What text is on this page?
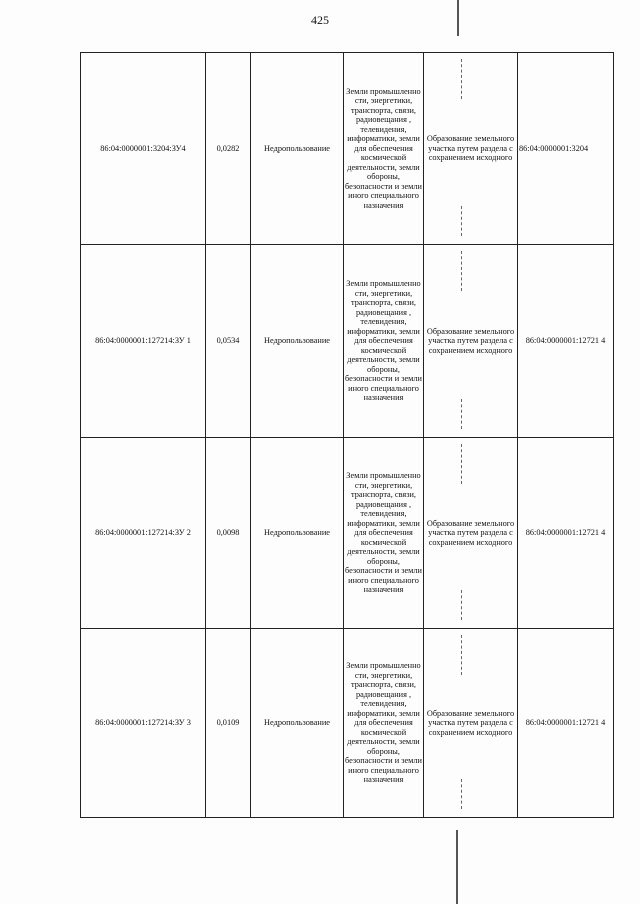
425
86:04:0000001:3204:ЗУ4	0,0282	Недропользование	Земли промышленно сти, энергетики, транспорта, связи, радиовещания , телевидения, информатики, земли для обеспечения космической деятельности, земли обороны, безопасности и земли иного специального назначения	Образование земельного участка путем раздела с сохранением исходного	86:04:0000001:3204
86:04:0000001:127214:ЗУ 1	0,0534	Недропользование	Земли промышленно сти, энергетики, транспорта, связи, радиовещания , телевидения, информатики, земли для обеспечения космической деятельности, земли обороны, безопасности и земли иного специального назначения	Образование земельного участка путем раздела с сохранением исходного	86:04:0000001:12721 4
86:04:0000001:127214:ЗУ 2	0,0098	Недропользование	Земли промышленно сти, энергетики, транспорта, связи, радиовещания , телевидения, информатики, земли для обеспечения космической деятельности, земли обороны, безопасности и земли иного специального назначения	Образование земельного участка путем раздела с сохранением исходного	86:04:0000001:12721 4
86:04:0000001:127214:ЗУ 3	0,0109	Недропользование	Земли промышленно сти, энергетики, транспорта, связи, радиовещания , телевидения, информатики, земли для обеспечения космической деятельности, земли обороны, безопасности и земли иного специального назначения	Образование земельного участка путем раздела с сохранением исходного	86:04:0000001:12721 4
